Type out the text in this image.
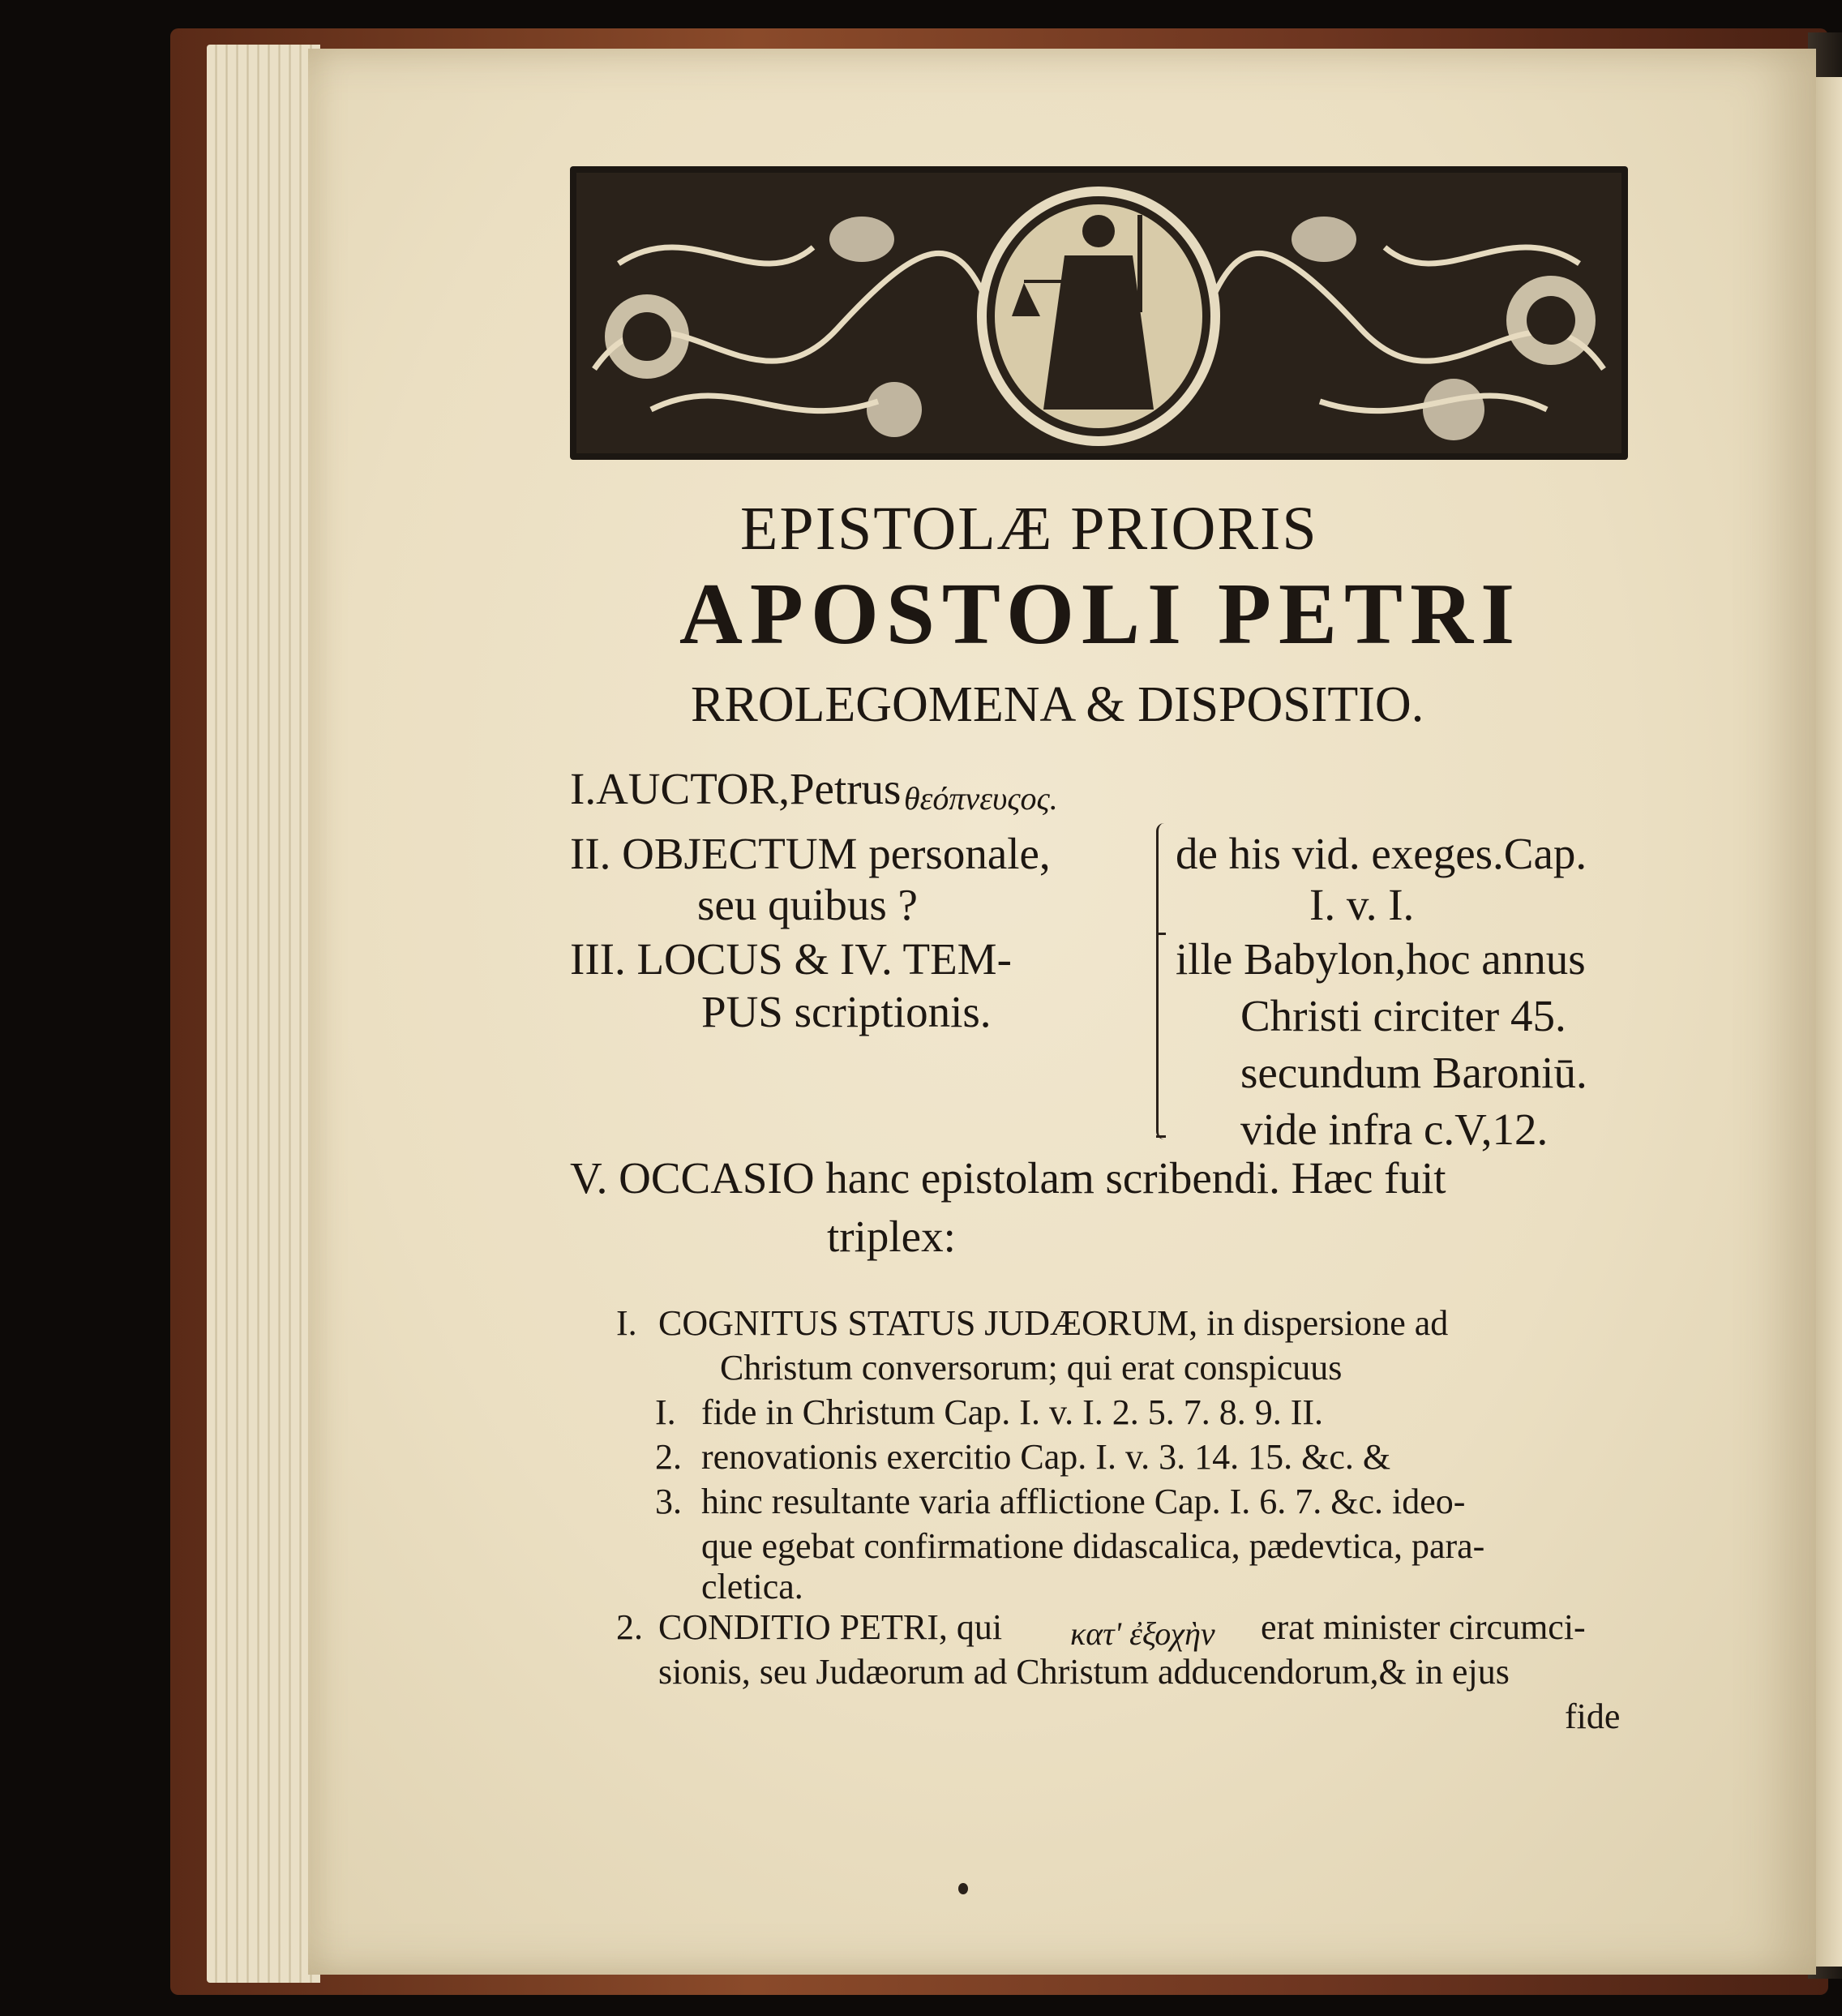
EPISTOLÆ PRIORIS
APOSTOLI PETRI
RROLEGOMENA & DISPOSITIO.
I.AUCTOR,Petrus θεόπνευςος.
II. OBJECTUM personale,
seu quibus ?
de his vid. exeges.Cap.
I. v. I.
III. LOCUS & IV. TEM-
PUS scriptionis.
ille Babylon,hoc annus
Christi circiter 45.
secundum Baroniū.
vide infra c.V,12.
V. OCCASIO hanc epistolam scribendi. Hæc fuit
triplex:
I. COGNITUS STATUS JUDÆORUM, in dispersione ad
Christum conversorum; qui erat conspicuus
I. fide in Christum Cap. I. v. I. 2. 5. 7. 8. 9. II.
2. renovationis exercitio Cap. I. v. 3. 14. 15. &c. &
3. hinc resultante varia afflictione Cap. I. 6. 7. &c. ideo-
que egebat confirmatione didascalica, pædevtica, para-
cletica.
2. CONDITIO PETRI, qui κατ' ἐξοχὴν erat minister circumci-
sionis, seu Judæorum ad Christum adducendorum,& in ejus
fide
